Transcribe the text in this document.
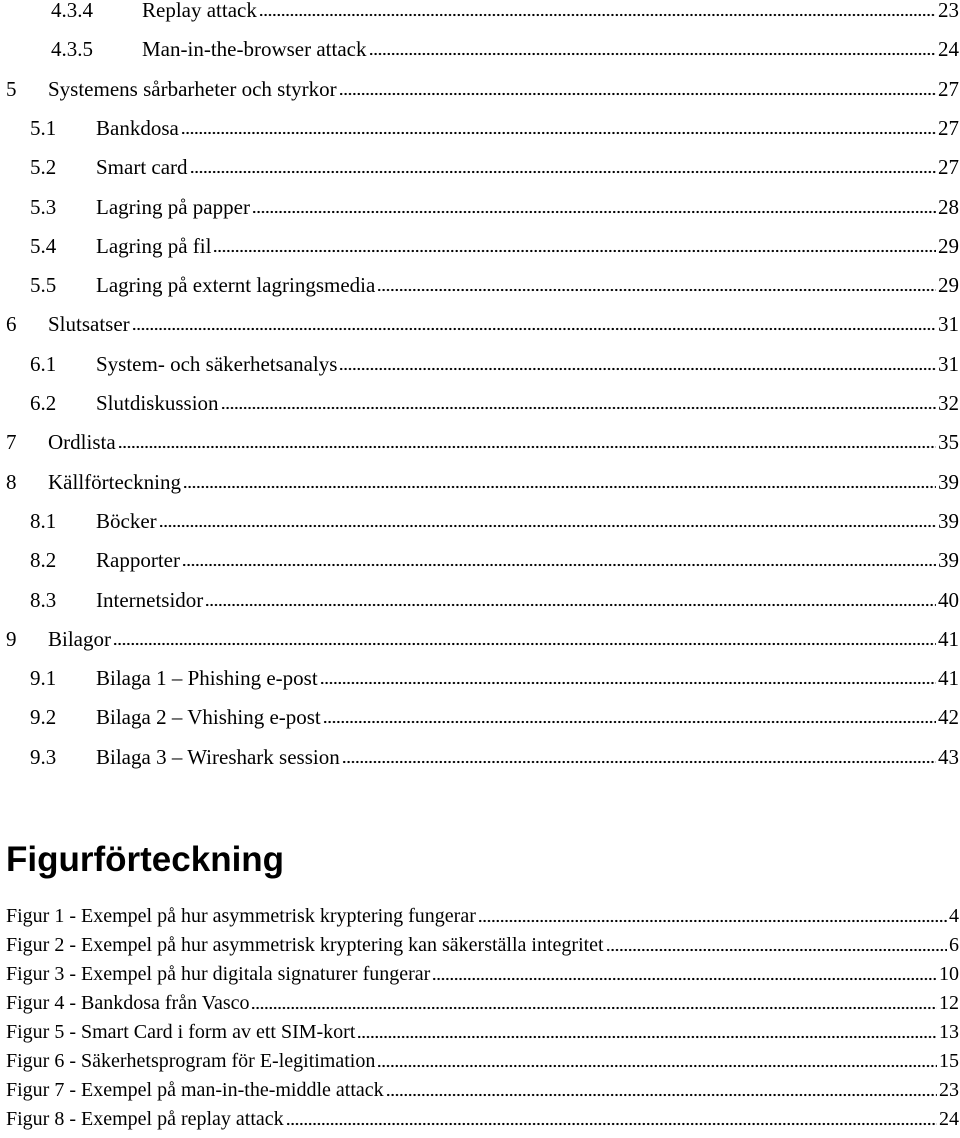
4.3.4	Replay attack	23
4.3.5	Man-in-the-browser attack	24
5	Systemens sårbarheter och styrkor	27
5.1	Bankdosa	27
5.2	Smart card	27
5.3	Lagring på papper	28
5.4	Lagring på fil	29
5.5	Lagring på externt lagringsmedia	29
6	Slutsatser	31
6.1	System- och säkerhetsanalys	31
6.2	Slutdiskussion	32
7	Ordlista	35
8	Källförteckning	39
8.1	Böcker	39
8.2	Rapporter	39
8.3	Internetsidor	40
9	Bilagor	41
9.1	Bilaga 1 – Phishing e-post	41
9.2	Bilaga 2 – Vhishing e-post	42
9.3	Bilaga 3 – Wireshark session	43
Figurförteckning
Figur 1 - Exempel på hur asymmetrisk kryptering fungerar	4
Figur 2 - Exempel på hur asymmetrisk kryptering kan säkerställa integritet	6
Figur 3 - Exempel på hur digitala signaturer fungerar	10
Figur 4 - Bankdosa från Vasco	12
Figur 5 - Smart Card i form av ett SIM-kort	13
Figur 6 - Säkerhetsprogram för E-legitimation	15
Figur 7 - Exempel på man-in-the-middle attack	23
Figur 8 - Exempel på replay attack	24
